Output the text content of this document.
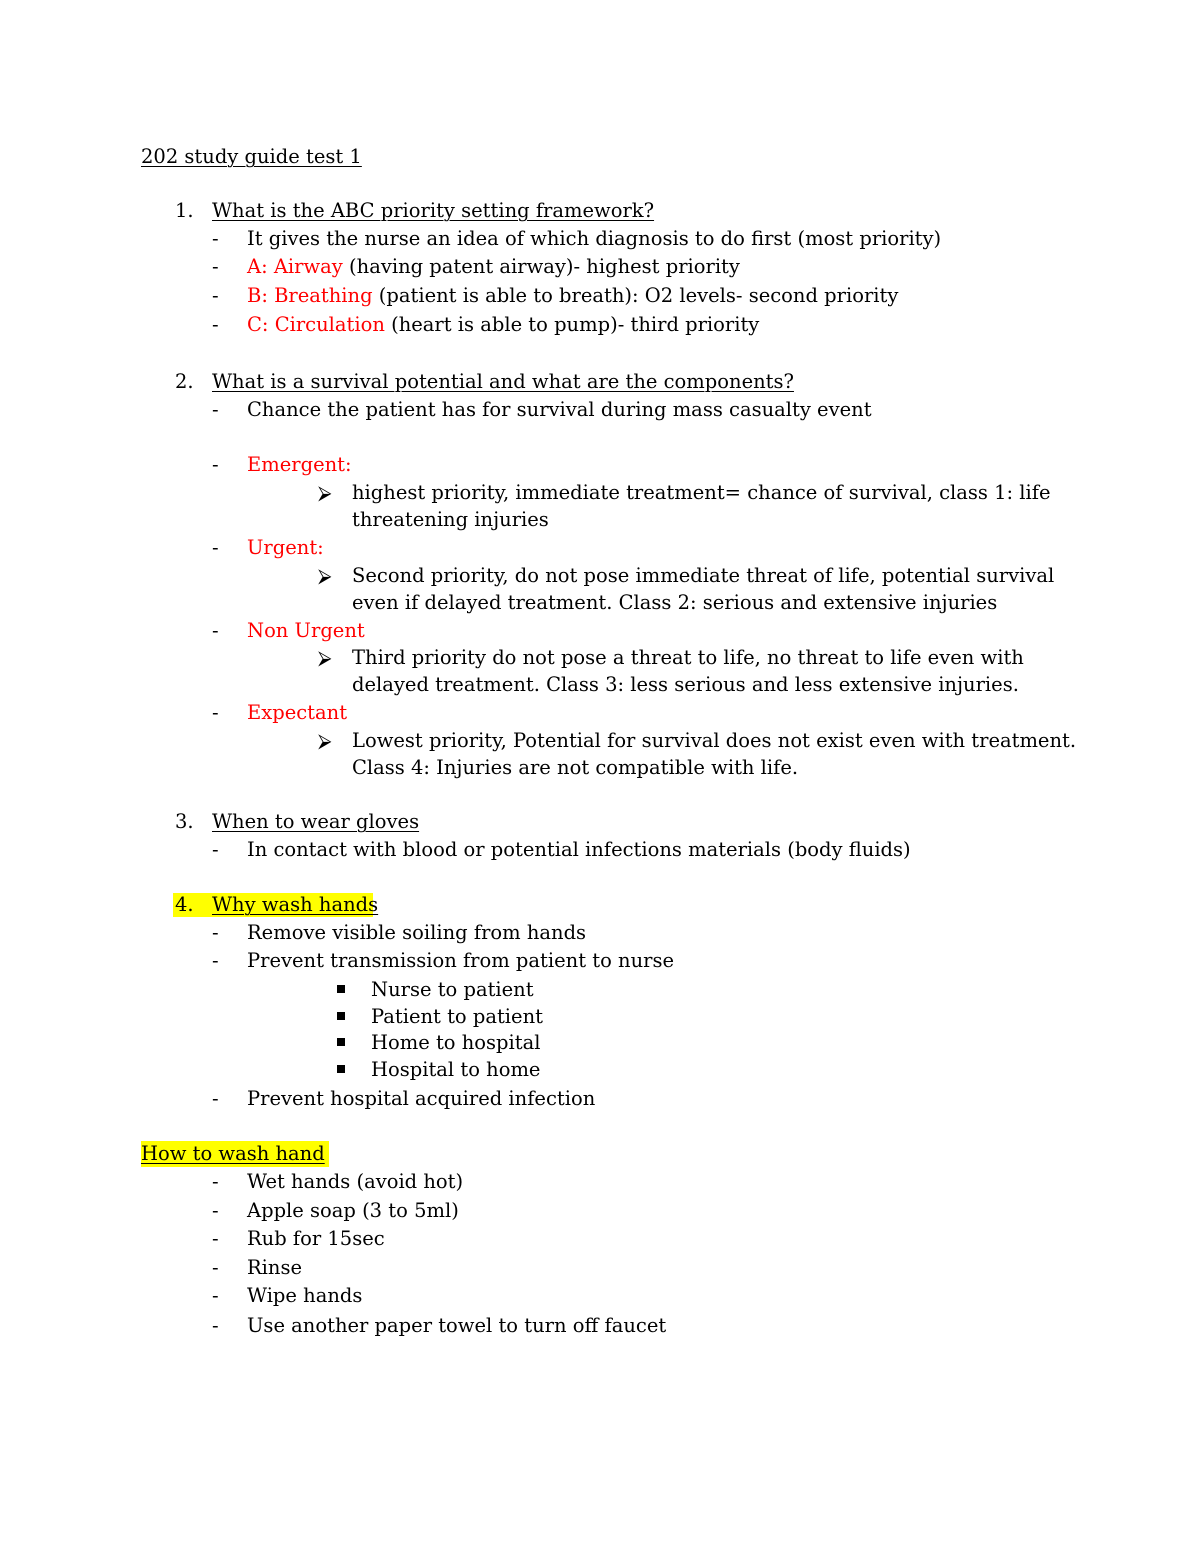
202 study guide test 1
1. What is the ABC priority setting framework?
- It gives the nurse an idea of which diagnosis to do first (most priority)
- A: Airway (having patent airway)- highest priority
- B: Breathing (patient is able to breath): O2 levels- second priority
- C: Circulation (heart is able to pump)- third priority
2. What is a survival potential and what are the components?
- Chance the patient has for survival during mass casualty event
- Emergent:
⮚ highest priority, immediate treatment= chance of survival, class 1: life
threatening injuries
- Urgent:
⮚ Second priority, do not pose immediate threat of life, potential survival
even if delayed treatment. Class 2: serious and extensive injuries
- Non Urgent
⮚ Third priority do not pose a threat to life, no threat to life even with
delayed treatment. Class 3: less serious and less extensive injuries.
- Expectant
⮚ Lowest priority, Potential for survival does not exist even with treatment.
Class 4: Injuries are not compatible with life.
3. When to wear gloves
- In contact with blood or potential infections materials (body fluids)
4. Why wash hands
- Remove visible soiling from hands
- Prevent transmission from patient to nurse
Nurse to patient
Patient to patient
Home to hospital
Hospital to home
- Prevent hospital acquired infection
How to wash hand
- Wet hands (avoid hot)
- Apple soap (3 to 5ml)
- Rub for 15sec
- Rinse
- Wipe hands
- Use another paper towel to turn off faucet
